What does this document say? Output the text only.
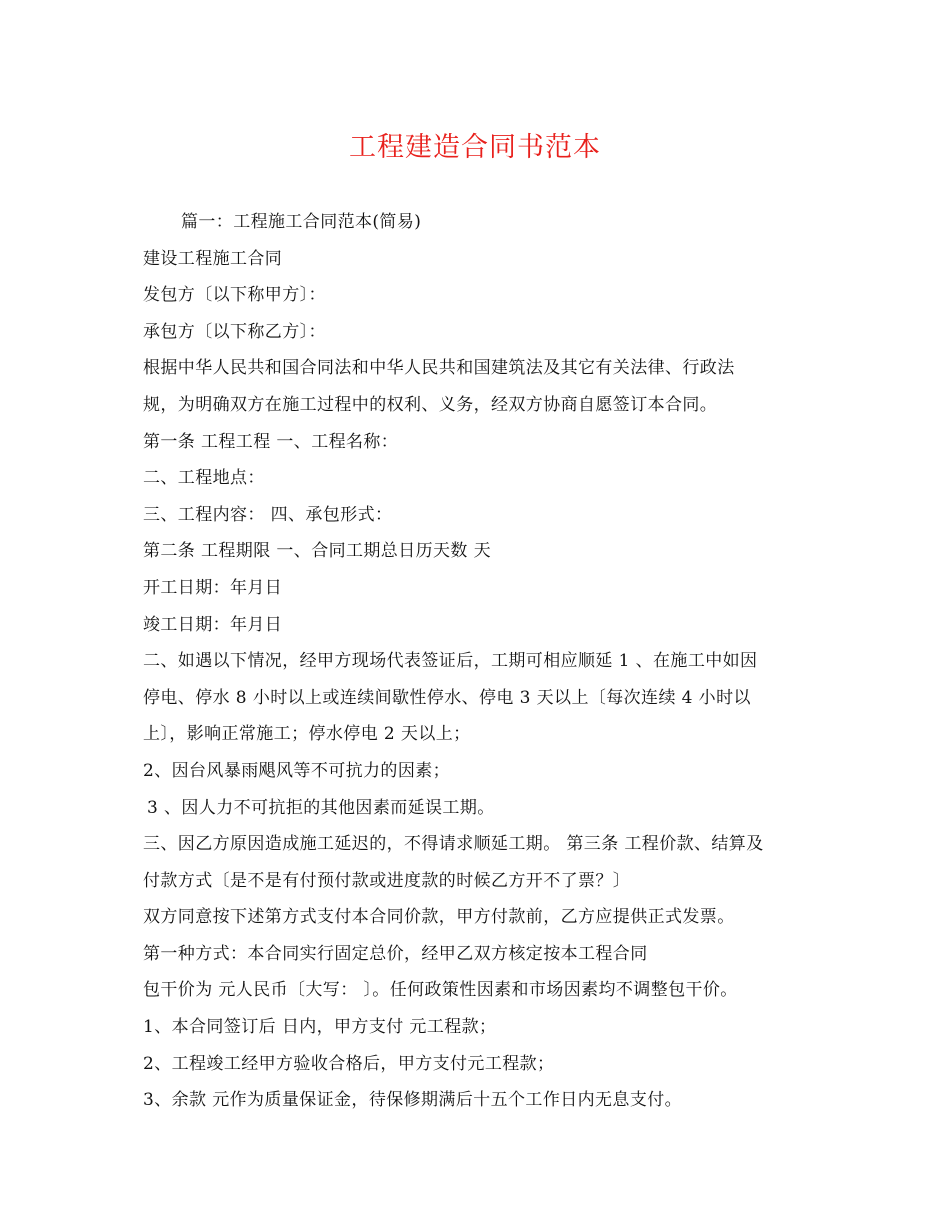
工程建造合同书范本
篇一：工程施工合同范本(简易)
建设工程施工合同
发包方〔以下称甲方〕：
承包方〔以下称乙方〕：
根据中华人民共和国合同法和中华人民共和国建筑法及其它有关法律、行政法
规，为明确双方在施工过程中的权利、义务，经双方协商自愿签订本合同。
第一条 工程工程 一、工程名称：
二、工程地点：
三、工程内容： 四、承包形式：
第二条 工程期限 一、合同工期总日历天数 天
开工日期：年月日
竣工日期：年月日
二、如遇以下情况，经甲方现场代表签证后，工期可相应顺延 1 、在施工中如因
停电、停水 8 小时以上或连续间歇性停水、停电 3 天以上〔每次连续 4 小时以
上〕，影响正常施工；停水停电 2 天以上；
2、因台风暴雨飓风等不可抗力的因素；
3 、因人力不可抗拒的其他因素而延误工期。
三、因乙方原因造成施工延迟的，不得请求顺延工期。 第三条 工程价款、结算及
付款方式〔是不是有付预付款或进度款的时候乙方开不了票？〕
双方同意按下述第方式支付本合同价款，甲方付款前，乙方应提供正式发票。
第一种方式：本合同实行固定总价，经甲乙双方核定按本工程合同
包干价为 元人民币〔大写： 〕。任何政策性因素和市场因素均不调整包干价。
1、本合同签订后 日内，甲方支付 元工程款；
2、工程竣工经甲方验收合格后，甲方支付元工程款；
3、余款 元作为质量保证金，待保修期满后十五个工作日内无息支付。
